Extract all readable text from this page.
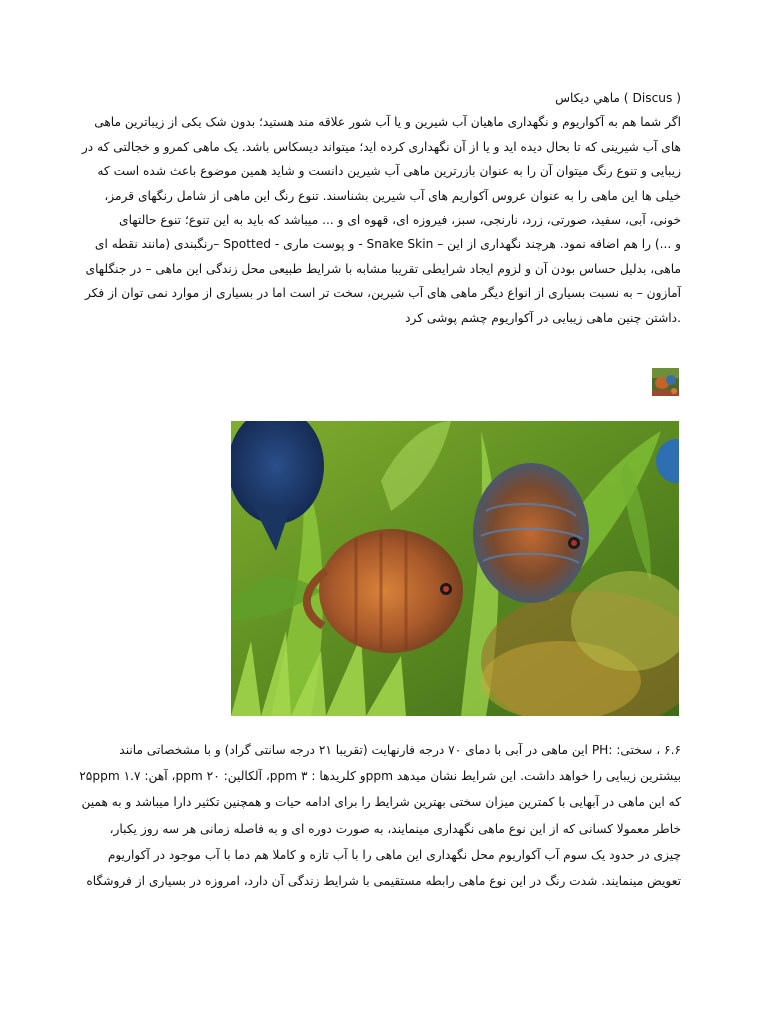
( Discus ) ماهي ديكاس
اگر شما هم به آکواریوم و نگهداری ماهیان آب شیرین و یا آب شور علاقه مند هستید؛ بدون شک یکی از زیباترین ماهی
های آب شیرینی که تا بحال دیده اید و یا از آن نگهداری کرده اید؛ میتواند دیسکاس باشد. یک ماهی کمرو و خجالتی که در
زیبایی و تنوع رنگ میتوان آن را به عنوان بازرترین ماهی آب شیرین دانست و شاید همین موضوع باعث شده است که
خیلی ها این ماهی را به عنوان عروس آکواریم های آب شیرین بشناسند. تنوع رنگ این ماهی از شامل رنگهای قرمز،
خونی، آبی، سفید، صورتی، زرد، نارنجی، سبز، فیروزه ای، قهوه ای و ... میباشد که باید به این تنوع؛ تنوع حالتهای
و ...) را هم اضافه نمود. هرچند نگهداری از این – Snake Skin - و پوست ماری - Spotted –رنگبندی (مانند نقطه ای
ماهی، بدلیل حساس بودن آن و لزوم ایجاد شرایطی تقریبا مشابه با شرایط طبیعی محل زندگی این ماهی – در جنگلهای
آمازون – به نسبت بسیاری از انواع دیگر ماهی های آب شیرین، سخت تر است اما در بسیاری از موارد نمی توان از فکر
.داشتن چنین ماهی زیبایی در آکواریوم چشم پوشی کرد
۶.۶ ، سختی: :PH این ماهی در آبی با دمای ۷۰ درجه فارنهایت (تقریبا ۲۱ درجه سانتی گراد) و با مشخصاتی مانند
بیشترین زیبایی را خواهد داشت. این شرایط نشان میدهد ppmو کلریدها : ۳ ppm، آلکالین: ۲۰ ppm، آهن: ۱.۷ ۲۵ppm
که این ماهی در آبهایی با کمترین میزان سختی بهترین شرایط را برای ادامه حیات و همچنین تکثیر دارا میباشد و به همین
خاطر معمولا کسانی که از این نوع ماهی نگهداری مینمایند، به صورت دوره ای و به فاصله زمانی هر سه روز یکبار،
چیزی در حدود یک سوم آب آکواریوم محل نگهداری این ماهی را با آب تازه و کاملا هم دما با آب موجود در آکواریوم
تعویض مینمایند. شدت رنگ در این نوع ماهی رابطه مستقیمی با شرایط زندگی آن دارد، امروزه در بسیاری از فروشگاه
